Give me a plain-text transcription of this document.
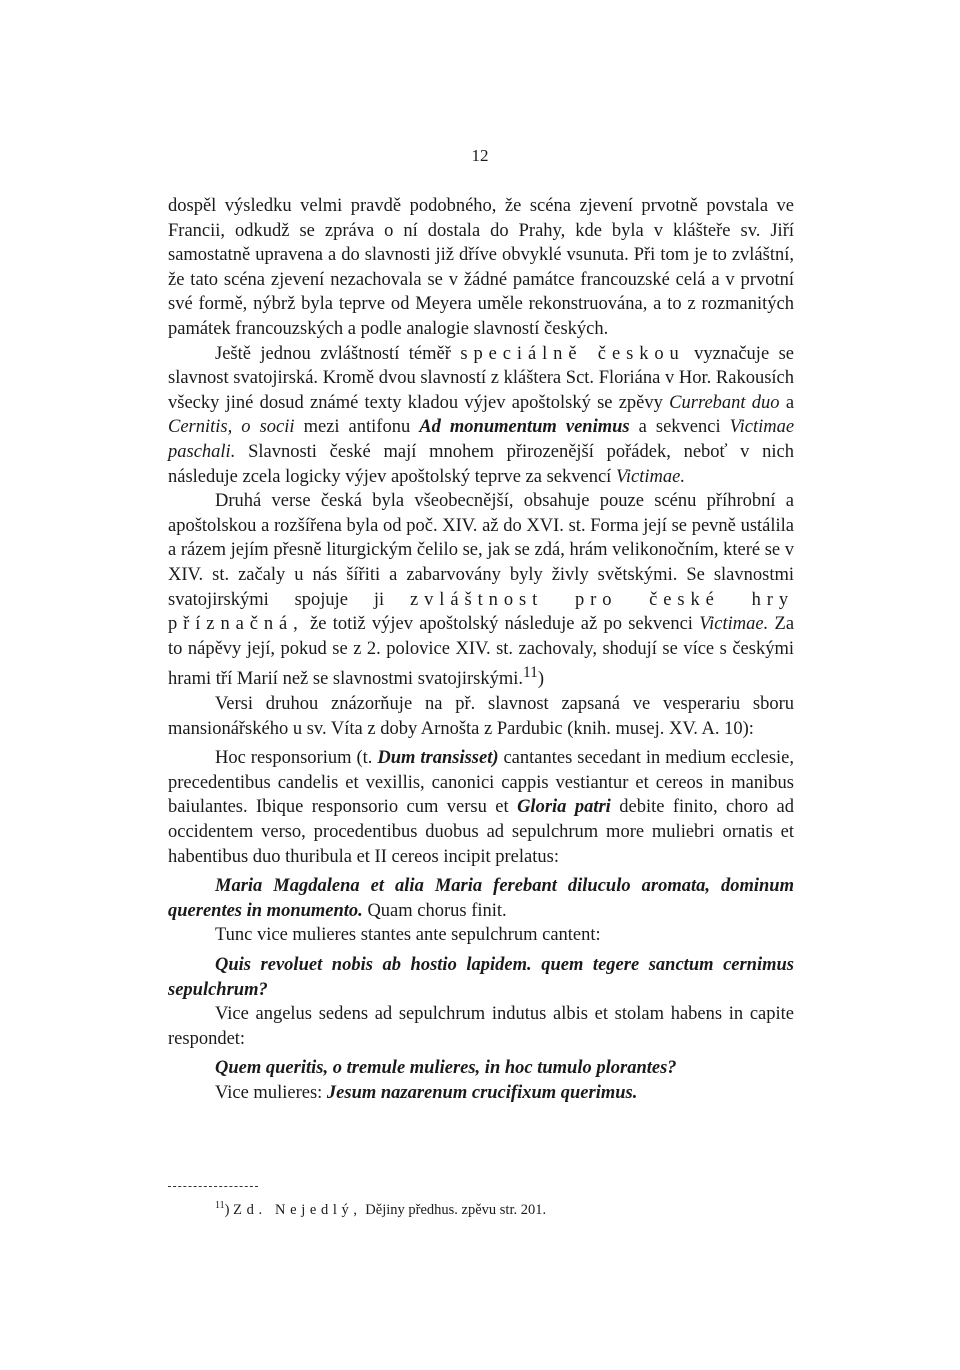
12

dospěl výsledku velmi pravdě podobného, že scéna zjevení prvotně povstala ve Francii, odkudž se zpráva o ní dostala do Prahy, kde byla v klášteře sv. Jiří samostatně upravena a do slavnosti již dříve obvyklé vsunuta. Při tom je to zvláštní, že tato scéna zjevení nezachovala se v žádné památce francouzské celá a v prvotní své formě, nýbrž byla teprve od Meyera uměle rekonstruována, a to z rozmanitých památek francouzských a podle analogie slavností českých.

Ještě jednou zvláštností téměř speciálně českou vyznačuje se slavnost svatojirská. Kromě dvou slavností z kláštera Sct. Floriána v Hor. Rakousích všecky jiné dosud známé texty kladou výjev apoštolský se zpěvy Currebant duo a Cernitis, o socii mezi antifonu Ad monumentum venimus a sekvenci Victimae paschali. Slavnosti české mají mnohem přirozenější pořádek, neboť v nich následuje zcela logicky výjev apoštolský teprve za sekvencí Victimae.

Druhá verse česká byla všeobecnější, obsahuje pouze scénu příhrobní a apoštolskou a rozšířena byla od poč. XIV. až do XVI. st. Forma její se pevně ustálila a rázem jejím přesně liturgickým čelilo se, jak se zdá, hrám velikonočním, které se v XIV. st. začaly u nás šířiti a zabarvovány byly živly světskými. Se slavnostmi svatojirskými spojuje ji zvláštnost pro české hry příznačná, že totiž výjev apoštolský následuje až po sekvenci Victimae. Za to nápěvy její, pokud se z 2. polovice XIV. st. zachovaly, shodují se více s českými hrami tří Marií než se slavnostmi svatojirskými.$^{11}$)

Versi druhou znázorňuje na př. slavnost zapsaná ve vesperariu sboru mansionářského u sv. Víta z doby Arnošta z Pardubic (knih. musej. XV. A. 10):

Hoc responsorium (t. Dum transisset) cantantes secedant in medium ecclesie, precedentibus candelis et vexillis, canonici cappis vestiantur et cereos in manibus baiulantes. Ibique responsorio cum versu et Gloria patri debite finito, choro ad occidentem verso, procedentibus duobus ad sepulchrum more muliebri ornatis et habentibus duo thuribula et II cereos incipit prelatus:

Maria Magdalena et alia Maria ferebant diluculo aromata, dominum querentes in monumento. Quam chorus finit.

Tunc vice mulieres stantes ante sepulchrum cantent:

Quis revoluet nobis ab hostio lapidem. quem tegere sanctum cernimus sepulchrum?

Vice angelus sedens ad sepulchrum indutus albis et stolam habens in capite respondet:

Quem queritis, o tremule mulieres, in hoc tumulo plorantes?

Vice mulieres: Jesum nazarenum crucifixum querimus.

$^{11}$) Zd. Nejedlý, Dějiny předhus. zpěvu str. 201.
